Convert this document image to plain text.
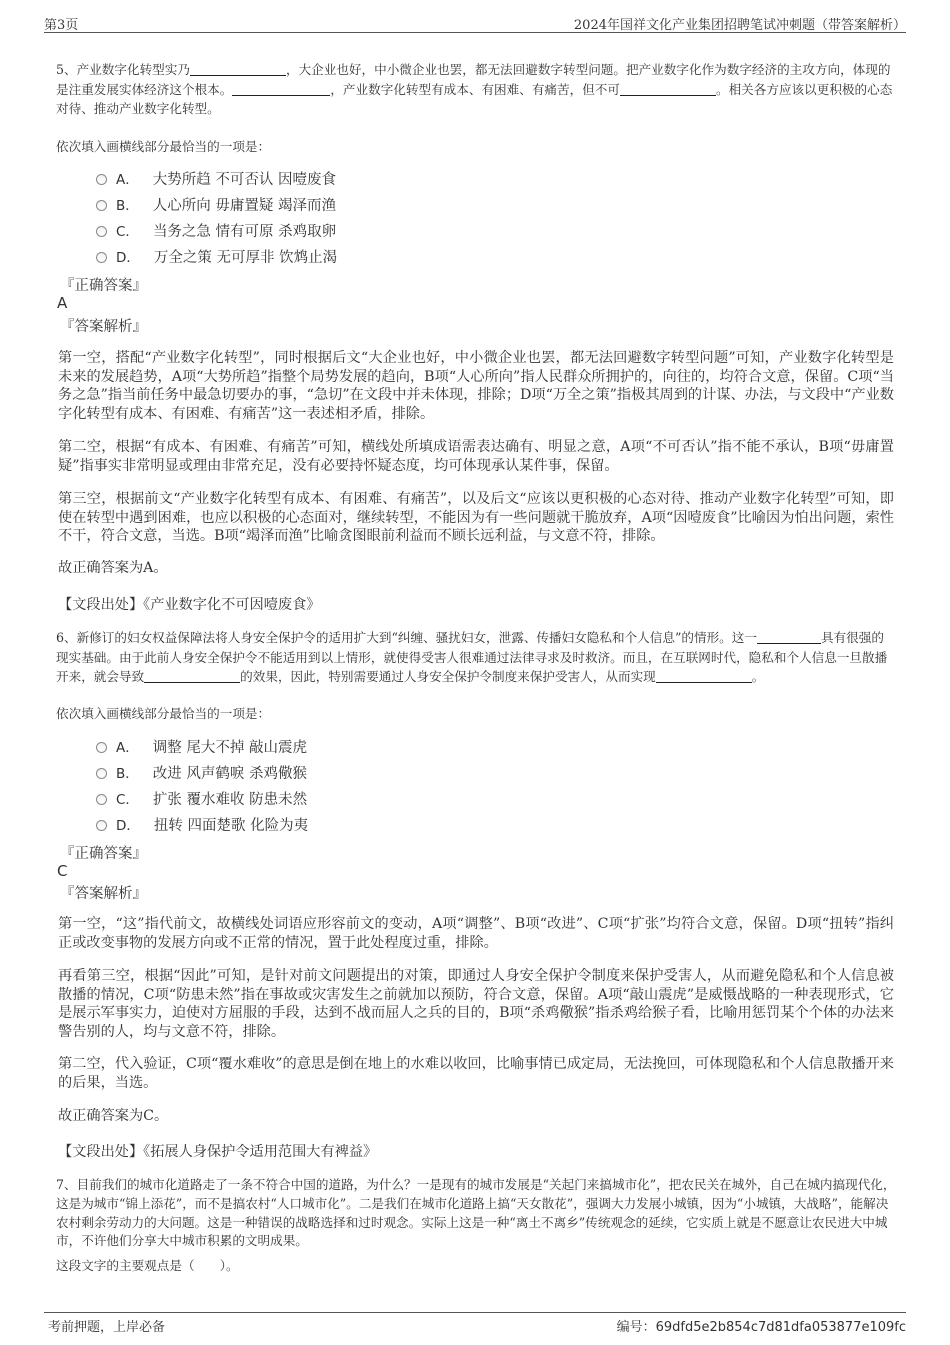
第3页	2024年国祥文化产业集团招聘笔试冲刺题（带答案解析）
5、产业数字化转型实乃	，大企业也好，中小微企业也罢，都无法回避数字转型问题。把产业数字化作为数字经济的主攻方向，体现的是注重发展实体经济这个根本。	，产业数字化转型有成本、有困难、有痛苦，但不可	。相关各方应该以更积极的心态对待、推动产业数字化转型。
依次填入画横线部分最恰当的一项是：
A． 大势所趋 不可否认 因噎废食
B． 人心所向 毋庸置疑 竭泽而渔
C． 当务之急 情有可原 杀鸡取卵
D． 万全之策 无可厚非 饮鸩止渴
『正确答案』
A
『答案解析』
第一空，搭配“产业数字化转型”，同时根据后文“大企业也好，中小微企业也罢，都无法回避数字转型问题”可知，产业数字化转型是未来的发展趋势，A项“大势所趋”指整个局势发展的趋向，B项“人心所向”指人民群众所拥护的，向往的，均符合文意，保留。C项“当务之急”指当前任务中最急切要办的事，“急切”在文段中并未体现，排除；D项“万全之策”指极其周到的计谋、办法，与文段中“产业数字化转型有成本、有困难、有痛苦”这一表述相矛盾，排除。
第二空，根据“有成本、有困难、有痛苦”可知，横线处所填成语需表达确有、明显之意，A项“不可否认”指不能不承认，B项“毋庸置疑”指事实非常明显或理由非常充足，没有必要持怀疑态度，均可体现承认某件事，保留。
第三空，根据前文“产业数字化转型有成本、有困难、有痛苦”，以及后文“应该以更积极的心态对待、推动产业数字化转型”可知，即使在转型中遇到困难，也应以积极的心态面对，继续转型，不能因为有一些问题就干脆放弃，A项“因噎废食”比喻因为怕出问题，索性不干，符合文意，当选。B项“竭泽而渔”比喻贪图眼前利益而不顾长远利益，与文意不符，排除。
故正确答案为A。
【文段出处】《产业数字化不可因噎废食》
6、新修订的妇女权益保障法将人身安全保护令的适用扩大到“纠缠、骚扰妇女，泄露、传播妇女隐私和个人信息”的情形。这一	具有很强的现实基础。由于此前人身安全保护令不能适用到以上情形，就使得受害人很难通过法律寻求及时救济。而且，在互联网时代，隐私和个人信息一旦散播开来，就会导致	的效果，因此，特别需要通过人身安全保护令制度来保护受害人，从而实现	。
依次填入画横线部分最恰当的一项是：
A． 调整 尾大不掉 敲山震虎
B． 改进 风声鹤唳 杀鸡儆猴
C． 扩张 覆水难收 防患未然
D． 扭转 四面楚歌 化险为夷
『正确答案』
C
『答案解析』
第一空，“这”指代前文，故横线处词语应形容前文的变动，A项“调整”、B项“改进”、C项“扩张”均符合文意，保留。D项“扭转”指纠正或改变事物的发展方向或不正常的情况，置于此处程度过重，排除。
再看第三空，根据“因此”可知，是针对前文问题提出的对策，即通过人身安全保护令制度来保护受害人，从而避免隐私和个人信息被散播的情况，C项“防患未然”指在事故或灾害发生之前就加以预防，符合文意，保留。A项“敲山震虎”是威慑战略的一种表现形式，它是展示军事实力，迫使对方屈服的手段，达到不战而屈人之兵的目的，B项“杀鸡儆猴”指杀鸡给猴子看，比喻用惩罚某个个体的办法来警告别的人，均与文意不符，排除。
第二空，代入验证，C项“覆水难收”的意思是倒在地上的水难以收回，比喻事情已成定局，无法挽回，可体现隐私和个人信息散播开来的后果，当选。
故正确答案为C。
【文段出处】《拓展人身保护令适用范围大有裨益》
7、目前我们的城市化道路走了一条不符合中国的道路，为什么？一是现有的城市发展是“关起门来搞城市化”，把农民关在城外，自己在城内搞现代化，这是为城市“锦上添花”，而不是搞农村“人口城市化”。二是我们在城市化道路上搞“天女散花”，强调大力发展小城镇，因为“小城镇，大战略”，能解决农村剩余劳动力的大问题。这是一种错误的战略选择和过时观念。实际上这是一种“离土不离乡”传统观念的延续，它实质上就是不愿意让农民进大中城市，不许他们分享大中城市积累的文明成果。
这段文字的主要观点是（　　）。
考前押题，上岸必备	编号：69dfd5e2b854c7d81dfa053877e109fc
